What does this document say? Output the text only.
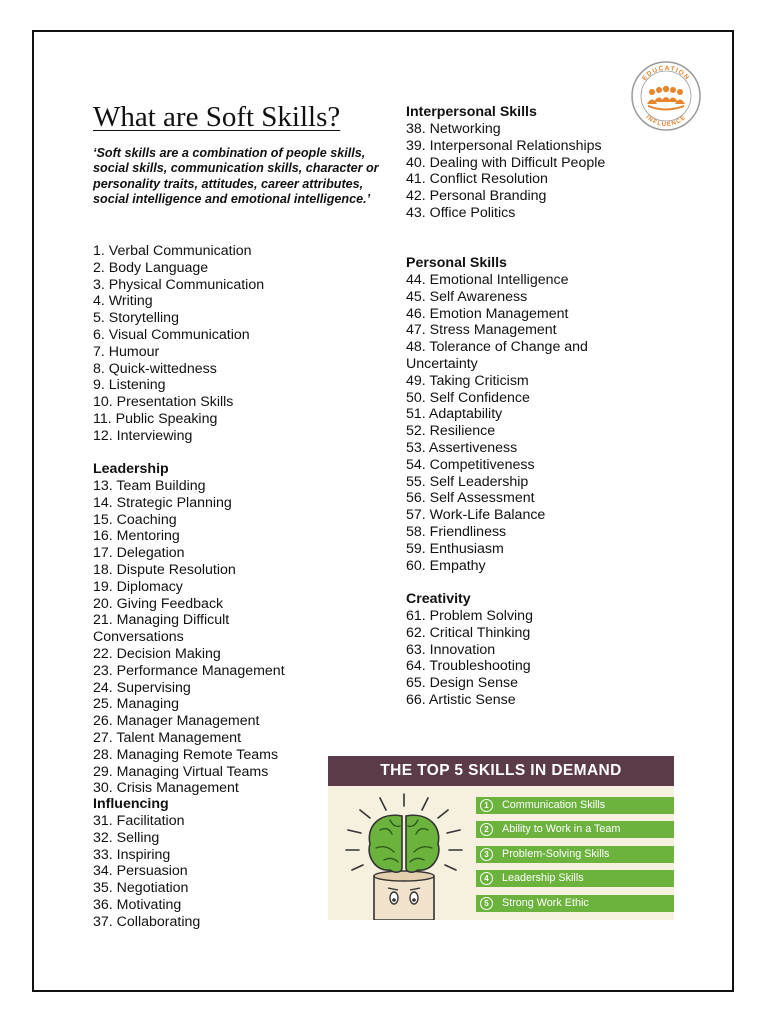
What are Soft Skills?

‘Soft skills are a combination of people skills, social skills, communication skills, character or personality traits, attitudes, career attributes, social intelligence and emotional intelligence.’

1. Verbal Communication
2. Body Language
3. Physical Communication
4. Writing
5. Storytelling
6. Visual Communication
7. Humour
8. Quick-wittedness
9. Listening
10. Presentation Skills
11. Public Speaking
12. Interviewing
Leadership
13. Team Building
14. Strategic Planning
15. Coaching
16. Mentoring
17. Delegation
18. Dispute Resolution
19. Diplomacy
20. Giving Feedback
21. Managing Difficult Conversations
22. Decision Making
23. Performance Management
24. Supervising
25. Managing
26. Manager Management
27. Talent Management
28. Managing Remote Teams
29. Managing Virtual Teams
30. Crisis Management
Influencing
31. Facilitation
32. Selling
33. Inspiring
34. Persuasion
35. Negotiation
36. Motivating
37. Collaborating
Interpersonal Skills
38. Networking
39. Interpersonal Relationships
40. Dealing with Difficult People
41. Conflict Resolution
42. Personal Branding
43. Office Politics
Personal Skills
44. Emotional Intelligence
45. Self Awareness
46. Emotion Management
47. Stress Management
48. Tolerance of Change and Uncertainty
49. Taking Criticism
50. Self Confidence
51. Adaptability
52. Resilience
53. Assertiveness
54. Competitiveness
55. Self Leadership
56. Self Assessment
57. Work-Life Balance
58. Friendliness
59. Enthusiasm
60. Empathy
Creativity
61. Problem Solving
62. Critical Thinking
63. Innovation
64. Troubleshooting
65. Design Sense
66. Artistic Sense
EDUCATION
INFLUENCE
THE TOP 5 SKILLS IN DEMAND
1	Communication Skills
2	Ability to Work in a Team
3	Problem-Solving Skills
4	Leadership Skills
5	Strong Work Ethic
